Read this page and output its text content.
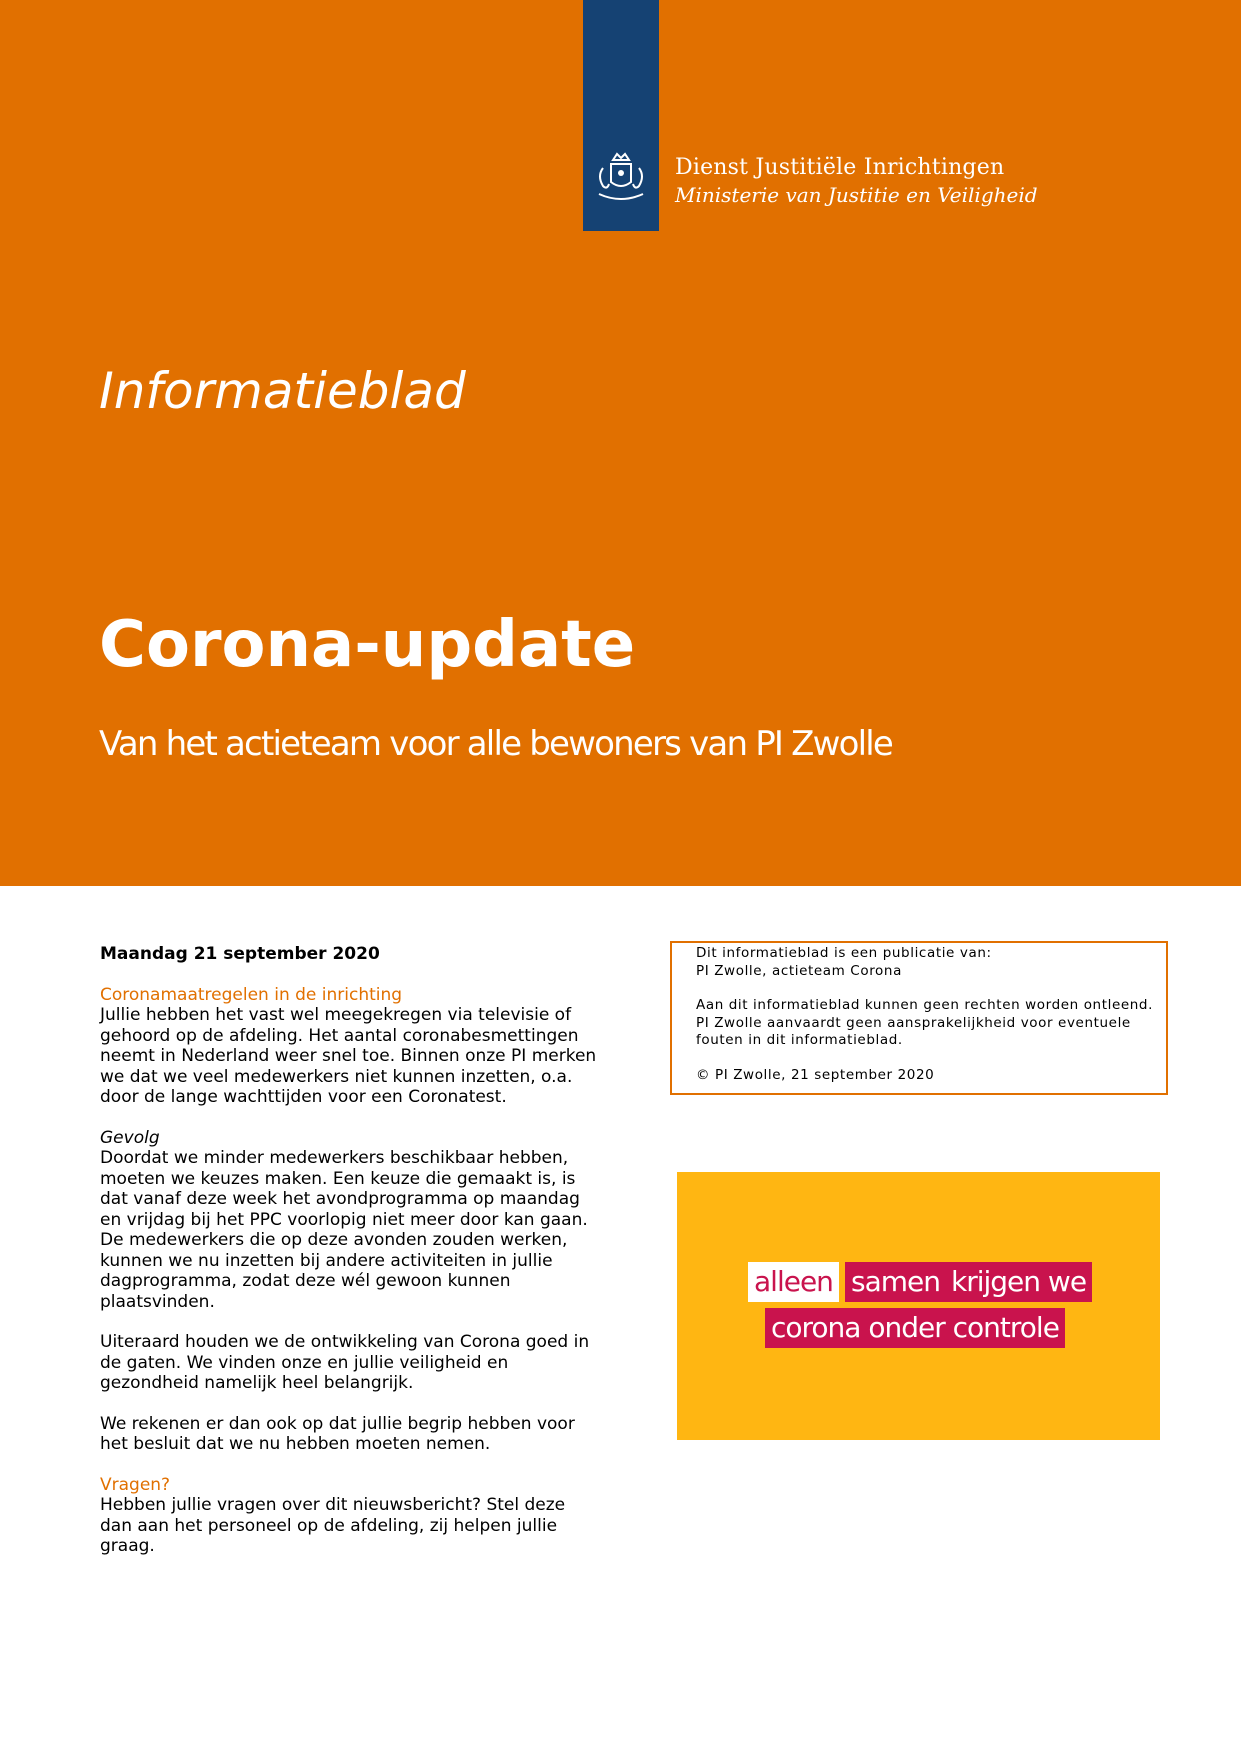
Dienst Justitiële Inrichtingen
Ministerie van Justitie en Veiligheid
Informatieblad
Corona-update
Van het actieteam voor alle bewoners van PI Zwolle
Maandag 21 september 2020
Coronamaatregelen in de inrichting
Jullie hebben het vast wel meegekregen via televisie of gehoord op de afdeling. Het aantal coronabesmettingen neemt in Nederland weer snel toe. Binnen onze PI merken we dat we veel medewerkers niet kunnen inzetten, o.a. door de lange wachttijden voor een Coronatest.
Gevolg
Doordat we minder medewerkers beschikbaar hebben, moeten we keuzes maken. Een keuze die gemaakt is, is dat vanaf deze week het avondprogramma op maandag en vrijdag bij het PPC voorlopig niet meer door kan gaan.
De medewerkers die op deze avonden zouden werken, kunnen we nu inzetten bij andere activiteiten in jullie dagprogramma, zodat deze wél gewoon kunnen plaatsvinden.
Uiteraard houden we de ontwikkeling van Corona goed in de gaten. We vinden onze en jullie veiligheid en gezondheid namelijk heel belangrijk.
We rekenen er dan ook op dat jullie begrip hebben voor het besluit dat we nu hebben moeten nemen.
Vragen?
Hebben jullie vragen over dit nieuwsbericht? Stel deze dan aan het personeel op de afdeling, zij helpen jullie graag.

Dit informatieblad is een publicatie van:
PI Zwolle, actieteam Corona

Aan dit informatieblad kunnen geen rechten worden ontleend.
PI Zwolle aanvaardt geen aansprakelijkheid voor eventuele fouten in dit informatieblad.

© PI Zwolle, 21 september 2020

alleen samen krijgen we
corona onder controle
